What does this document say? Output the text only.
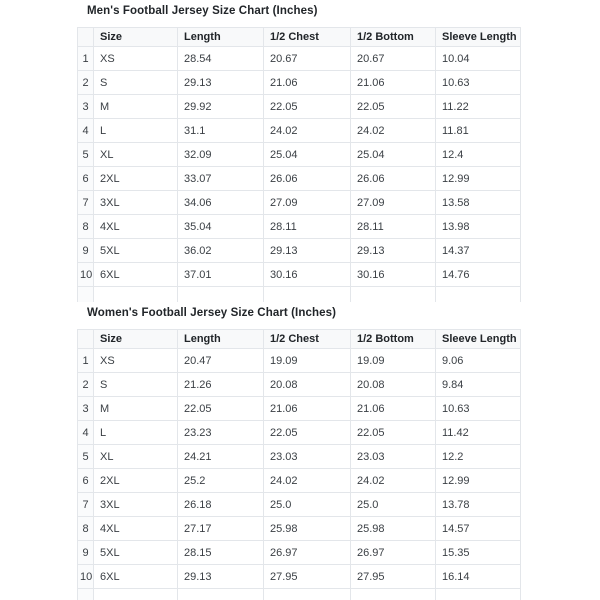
Men's Football Jersey Size Chart (Inches)
	Size	Length	1/2 Chest	1/2 Bottom	Sleeve Length
1	XS	28.54	20.67	20.67	10.04
2	S	29.13	21.06	21.06	10.63
3	M	29.92	22.05	22.05	11.22
4	L	31.1	24.02	24.02	11.81
5	XL	32.09	25.04	25.04	12.4
6	2XL	33.07	26.06	26.06	12.99
7	3XL	34.06	27.09	27.09	13.58
8	4XL	35.04	28.11	28.11	13.98
9	5XL	36.02	29.13	29.13	14.37
10	6XL	37.01	30.16	30.16	14.76

Women's Football Jersey Size Chart (Inches)
	Size	Length	1/2 Chest	1/2 Bottom	Sleeve Length
1	XS	20.47	19.09	19.09	9.06
2	S	21.26	20.08	20.08	9.84
3	M	22.05	21.06	21.06	10.63
4	L	23.23	22.05	22.05	11.42
5	XL	24.21	23.03	23.03	12.2
6	2XL	25.2	24.02	24.02	12.99
7	3XL	26.18	25.0	25.0	13.78
8	4XL	27.17	25.98	25.98	14.57
9	5XL	28.15	26.97	26.97	15.35
10	6XL	29.13	27.95	27.95	16.14
